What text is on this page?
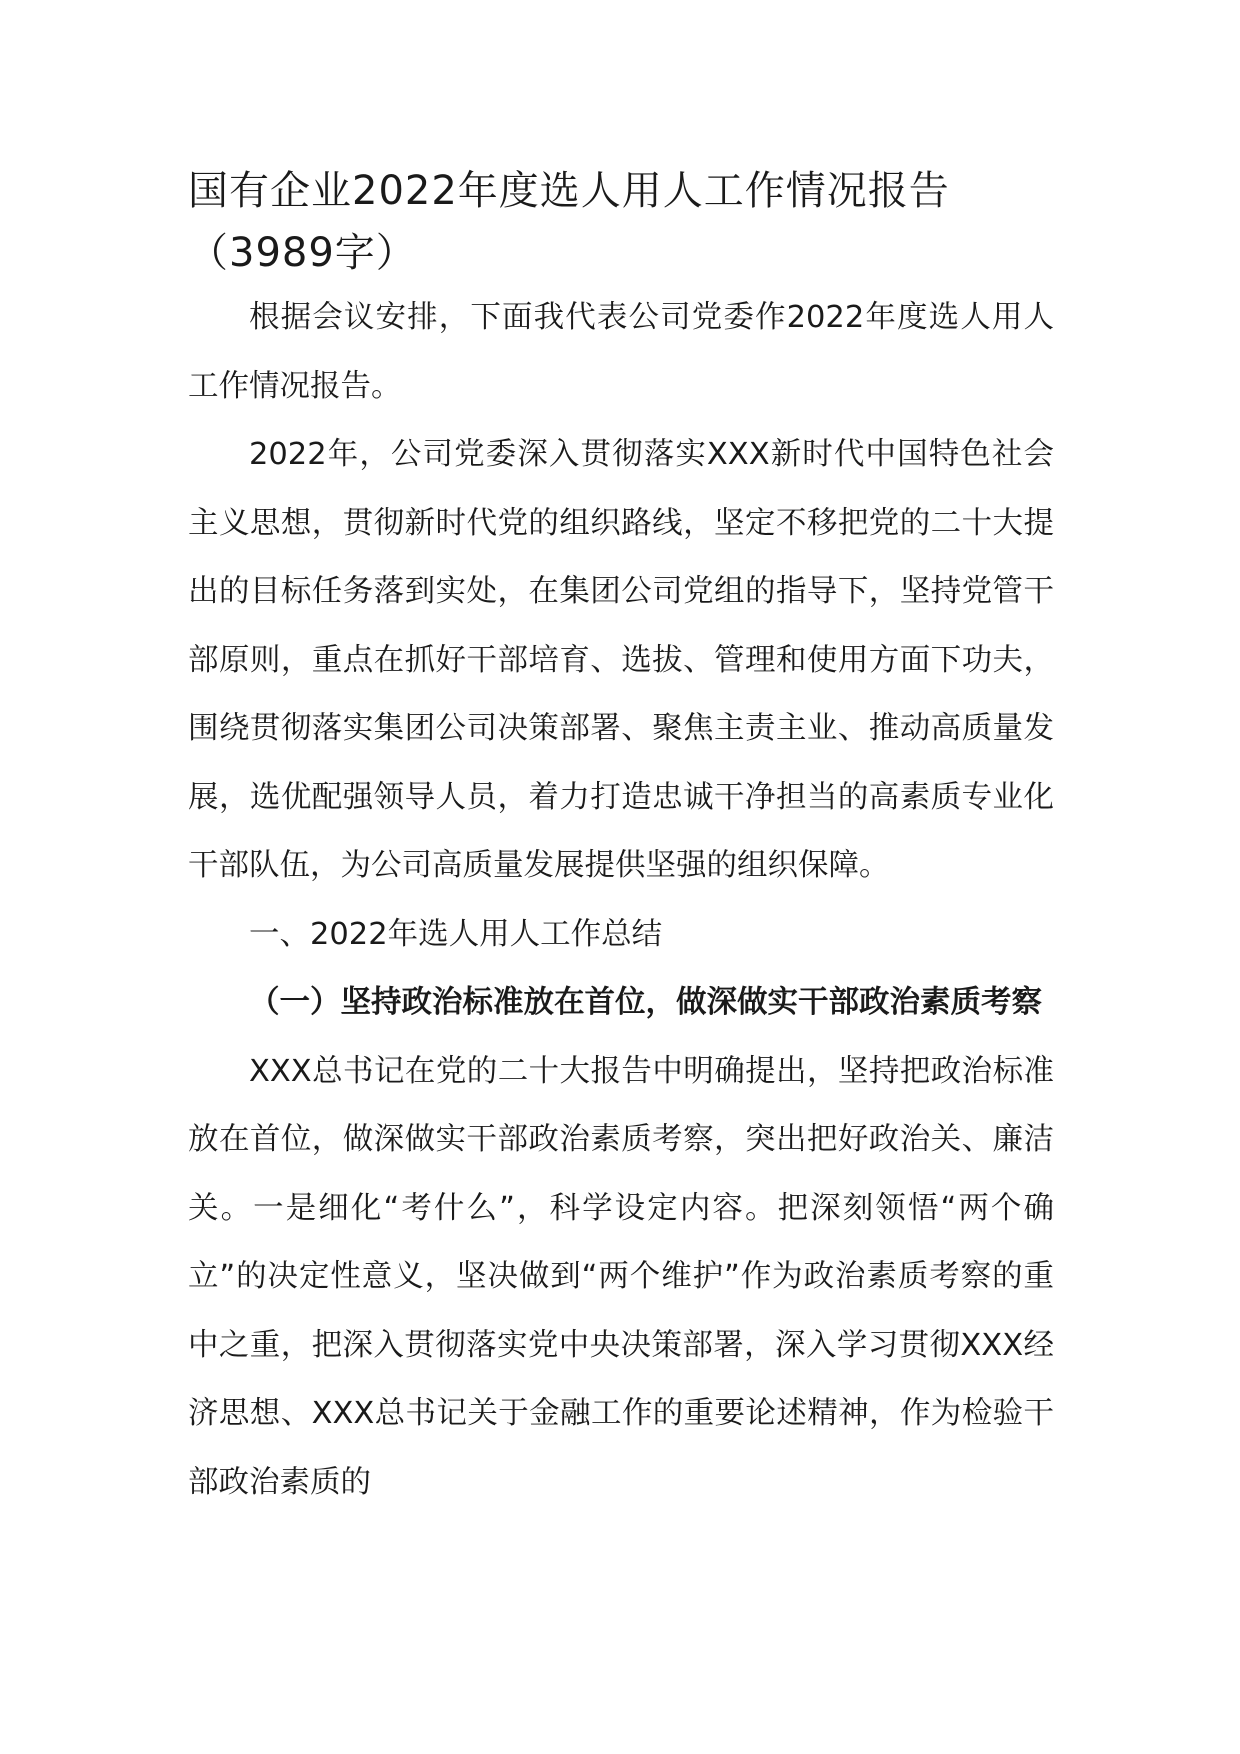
国有企业2022年度选人用人工作情况报告（3989字）

根据会议安排，下面我代表公司党委作2022年度选人用人工作情况报告。

2022年，公司党委深入贯彻落实XXX新时代中国特色社会主义思想，贯彻新时代党的组织路线，坚定不移把党的二十大提出的目标任务落到实处，在集团公司党组的指导下，坚持党管干部原则，重点在抓好干部培育、选拔、管理和使用方面下功夫，围绕贯彻落实集团公司决策部署、聚焦主责主业、推动高质量发展，选优配强领导人员，着力打造忠诚干净担当的高素质专业化干部队伍，为公司高质量发展提供坚强的组织保障。

一、2022年选人用人工作总结

（一）坚持政治标准放在首位，做深做实干部政治素质考察

XXX总书记在党的二十大报告中明确提出，坚持把政治标准放在首位，做深做实干部政治素质考察，突出把好政治关、廉洁关。一是细化“考什么”，科学设定内容。把深刻领悟“两个确立”的决定性意义，坚决做到“两个维护”作为政治素质考察的重中之重，把深入贯彻落实党中央决策部署，深入学习贯彻XXX经济思想、XXX总书记关于金融工作的重要论述精神，作为检验干部政治素质的
